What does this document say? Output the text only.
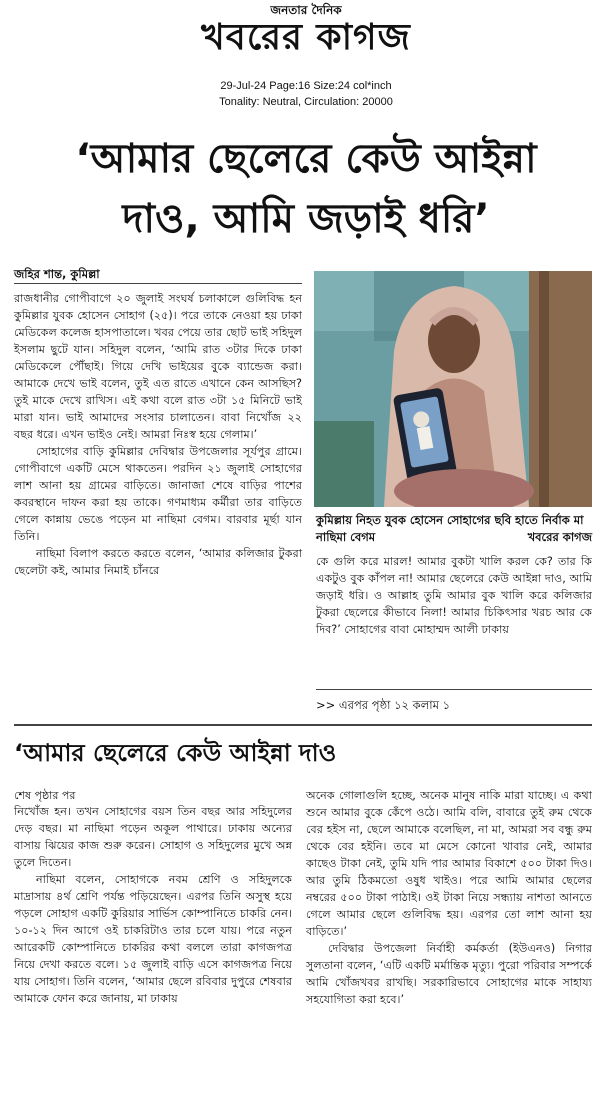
জনতার দৈনিক
খবরের কাগজ
29-Jul-24 Page:16 Size:24 col*inch
Tonality: Neutral, Circulation: 20000
‘আমার ছেলেরে কেউ আইন্না
দাও, আমি জড়াই ধরি’
জহির শান্ত, কুমিল্লা

রাজধানীর গোপীবাগে ২০ জুলাই সংঘর্ষ চলাকালে গুলিবিদ্ধ হন কুমিল্লার যুবক হোসেন সোহাগ (২৫)। পরে তাকে নেওয়া হয় ঢাকা মেডিকেল কলেজ হাসপাতালে। খবর পেয়ে তার ছোট ভাই সহিদুল ইসলাম ছুটে যান। সহিদুল বলেন, ‘আমি রাত ৩টার দিকে ঢাকা মেডিকেলে পৌঁছাই। গিয়ে দেখি ভাইয়ের বুকে ব্যান্ডেজ করা। আমাকে দেখে ভাই বলেন, তুই এত রাতে এখানে কেন আসছিস? তুই মাকে দেখে রাখিস। এই কথা বলে রাত ৩টা ১৫ মিনিটে ভাই মারা যান। ভাই আমাদের সংসার চালাতেন। বাবা নিখোঁজ ২২ বছর ধরে। এখন ভাইও নেই। আমরা নিঃস্ব হয়ে গেলাম।’

সোহাগের বাড়ি কুমিল্লার দেবিদ্বার উপজেলার সূর্যপুর গ্রামে। গোপীবাগে একটি মেসে থাকতেন। পরদিন ২১ জুলাই সোহাগের লাশ আনা হয় গ্রামের বাড়িতে। জানাজা শেষে বাড়ির পাশের কবরস্থানে দাফন করা হয় তাকে। গণমাধ্যম কর্মীরা তার বাড়িতে গেলে কান্নায় ভেঙে পড়েন মা নাছিমা বেগম। বারবার মূর্ছা যান তিনি।

নাছিমা বিলাপ করতে করতে বলেন, ‘আমার কলিজার টুকরা ছেলেটা কই, আমার নিমাই চাঁনরে

কুমিল্লায় নিহত যুবক হোসেন সোহাগের ছবি হাতে নির্বাক মা নাছিমা বেগম	খবরের কাগজ

কে গুলি করে মারল! আমার বুকটা খালি করল কে? তার কি একটুও বুক কাঁপল না! আমার ছেলেরে কেউ আইন্না দাও, আমি জড়াই ধরি। ও আল্লাহ তুমি আমার বুক খালি করে কলিজার টুকরা ছেলেরে কীভাবে নিলা! আমার চিকিৎসার খরচ আর কে দিব?’ সোহাগের বাবা মোহাম্মদ আলী ঢাকায়

>> এরপর পৃষ্ঠা ১২ কলাম ১
‘আমার ছেলেরে কেউ আইন্না দাও
শেষ পৃষ্ঠার পর

নিখোঁজ হন। তখন সোহাগের বয়স তিন বছর আর সহিদুলের দেড় বছর। মা নাছিমা পড়েন অকূল পাথারে। ঢাকায় অন্যের বাসায় ঝিয়ের কাজ শুরু করেন। সোহাগ ও সহিদুলের মুখে অন্ন তুলে দিতেন।

নাছিমা বলেন, সোহাগকে নবম শ্রেণি ও সহিদুলকে মাদ্রাসায় ৪র্থ শ্রেণি পর্যন্ত পড়িয়েছেন। এরপর তিনি অসুস্থ হয়ে পড়লে সোহাগ একটি কুরিয়ার সার্ভিস কোম্পানিতে চাকরি নেন। ১০-১২ দিন আগে ওই চাকরিটাও তার চলে যায়। পরে নতুন আরেকটি কোম্পানিতে চাকরির কথা বললে তারা কাগজপত্র নিয়ে দেখা করতে বলে। ১৫ জুলাই বাড়ি এসে কাগজপত্র নিয়ে যায় সোহাগ। তিনি বলেন, ‘আমার ছেলে রবিবার দুপুরে শেষবার আমাকে ফোন করে জানায়, মা ঢাকায়

অনেক গোলাগুলি হচ্ছে, অনেক মানুষ নাকি মারা যাচ্ছে। এ কথা শুনে আমার বুকে কেঁপে ওঠে। আমি বলি, বাবারে তুই রুম থেকে বের হইস না, ছেলে আমাকে বলেছিল, না মা, আমরা সব বন্ধু রুম থেকে বের হইনি। তবে মা মেসে কোনো খাবার নেই, আমার কাছেও টাকা নেই, তুমি যদি পার আমার বিকাশে ৫০০ টাকা দিও। আর তুমি ঠিকমতো ওষুধ খাইও। পরে আমি আমার ছেলের নম্বরের ৫০০ টাকা পাঠাই। ওই টাকা নিয়ে সন্ধ্যায় নাশতা আনতে গেলে আমার ছেলে গুলিবিদ্ধ হয়। এরপর তো লাশ আনা হয় বাড়িতে।’

দেবিদ্বার উপজেলা নির্বাহী কর্মকর্তা (ইউএনও) নিগার সুলতানা বলেন, ‘এটি একটি মর্মান্তিক মৃত্যু। পুরো পরিবার সম্পর্কে আমি খোঁজখবর রাখছি। সরকারিভাবে সোহাগের মাকে সাহায্য সহযোগিতা করা হবে।’
